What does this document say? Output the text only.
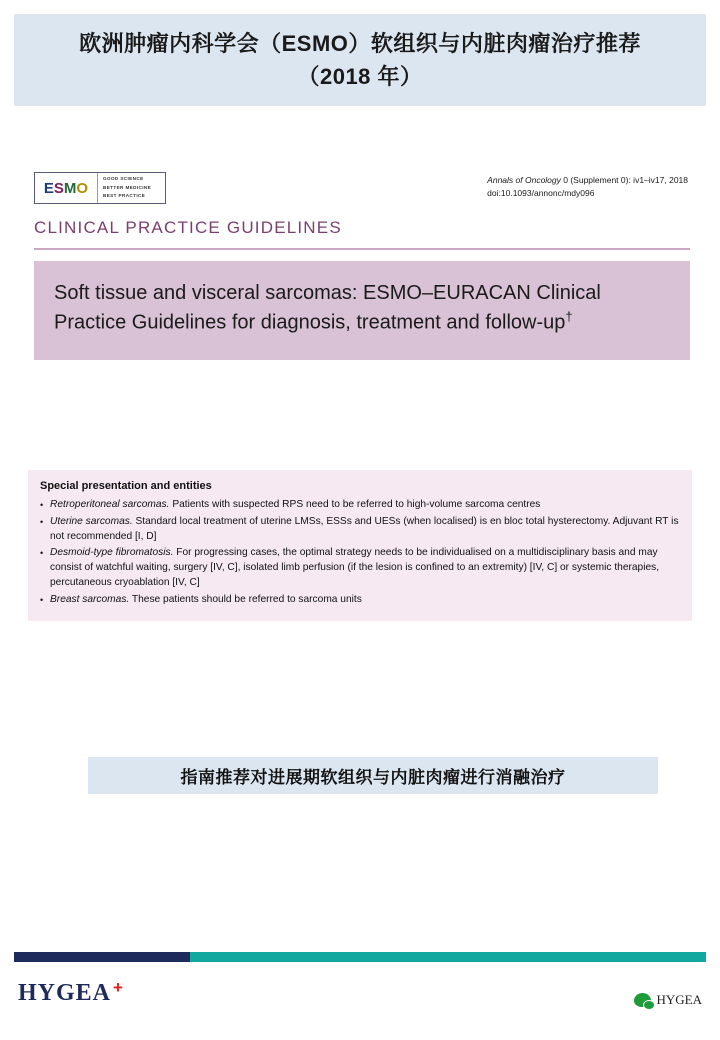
欧洲肿瘤内科学会（ESMO）软组织与内脏肉瘤治疗推荐（2018 年）
E S M O
GOOD SCIENCE
BETTER MEDICINE
BEST PRACTICE
Annals of Oncology 0 (Supplement 0): iv1–iv17, 2018
doi:10.1093/annonc/mdy096
CLINICAL PRACTICE GUIDELINES
Soft tissue and visceral sarcomas: ESMO–EURACAN Clinical Practice Guidelines for diagnosis, treatment and follow-up†
Special presentation and entities
• Retroperitoneal sarcomas. Patients with suspected RPS need to be referred to high-volume sarcoma centres
• Uterine sarcomas. Standard local treatment of uterine LMSs, ESSs and UESs (when localised) is en bloc total hysterectomy. Adjuvant RT is not recommended [I, D]
• Desmoid-type fibromatosis. For progressing cases, the optimal strategy needs to be individualised on a multidisciplinary basis and may consist of watchful waiting, surgery [IV, C], isolated limb perfusion (if the lesion is confined to an extremity) [IV, C] or systemic therapies, percutaneous cryoablation [IV, C]
• Breast sarcomas. These patients should be referred to sarcoma units
指南推荐对进展期软组织与内脏肉瘤进行消融治疗
HYGEA +
HYGEA
